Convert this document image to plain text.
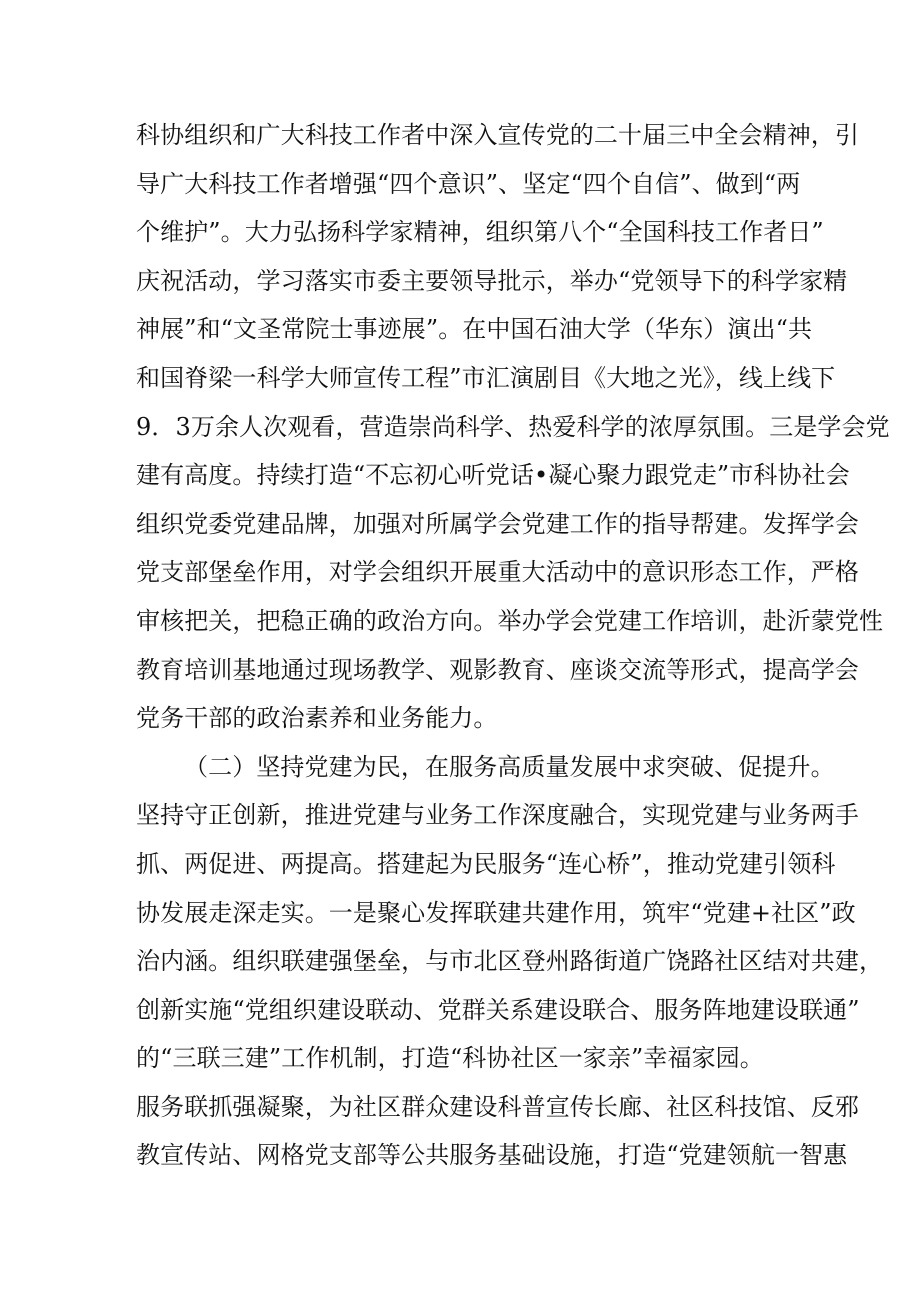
科协组织和广大科技工作者中深入宣传党的二十届三中全会精神，引
导广大科技工作者增强“四个意识”、坚定“四个自信”、做到“两
个维护”。大力弘扬科学家精神，组织第八个“全国科技工作者日”
庆祝活动，学习落实市委主要领导批示，举办“党领导下的科学家精
神展”和“文圣常院士事迹展”。在中国石油大学（华东）演出“共
和国脊梁一科学大师宣传工程”市汇演剧目《大地之光》，线上线下
9．3万余人次观看，营造崇尚科学、热爱科学的浓厚氛围。三是学会党
建有高度。持续打造“不忘初心听党话•凝心聚力跟党走”市科协社会
组织党委党建品牌，加强对所属学会党建工作的指导帮建。发挥学会
党支部堡垒作用，对学会组织开展重大活动中的意识形态工作，严格
审核把关，把稳正确的政治方向。举办学会党建工作培训，赴沂蒙党性
教育培训基地通过现场教学、观影教育、座谈交流等形式，提高学会
党务干部的政治素养和业务能力。
（二）坚持党建为民，在服务高质量发展中求突破、促提升。
坚持守正创新，推进党建与业务工作深度融合，实现党建与业务两手
抓、两促进、两提高。搭建起为民服务“连心桥”，推动党建引领科
协发展走深走实。一是聚心发挥联建共建作用，筑牢“党建+社区”政
治内涵。组织联建强堡垒，与市北区登州路街道广饶路社区结对共建，
创新实施“党组织建设联动、党群关系建设联合、服务阵地建设联通”
的“三联三建”工作机制，打造“科协社区一家亲”幸福家园。
服务联抓强凝聚，为社区群众建设科普宣传长廊、社区科技馆、反邪
教宣传站、网格党支部等公共服务基础设施，打造“党建领航一智惠
